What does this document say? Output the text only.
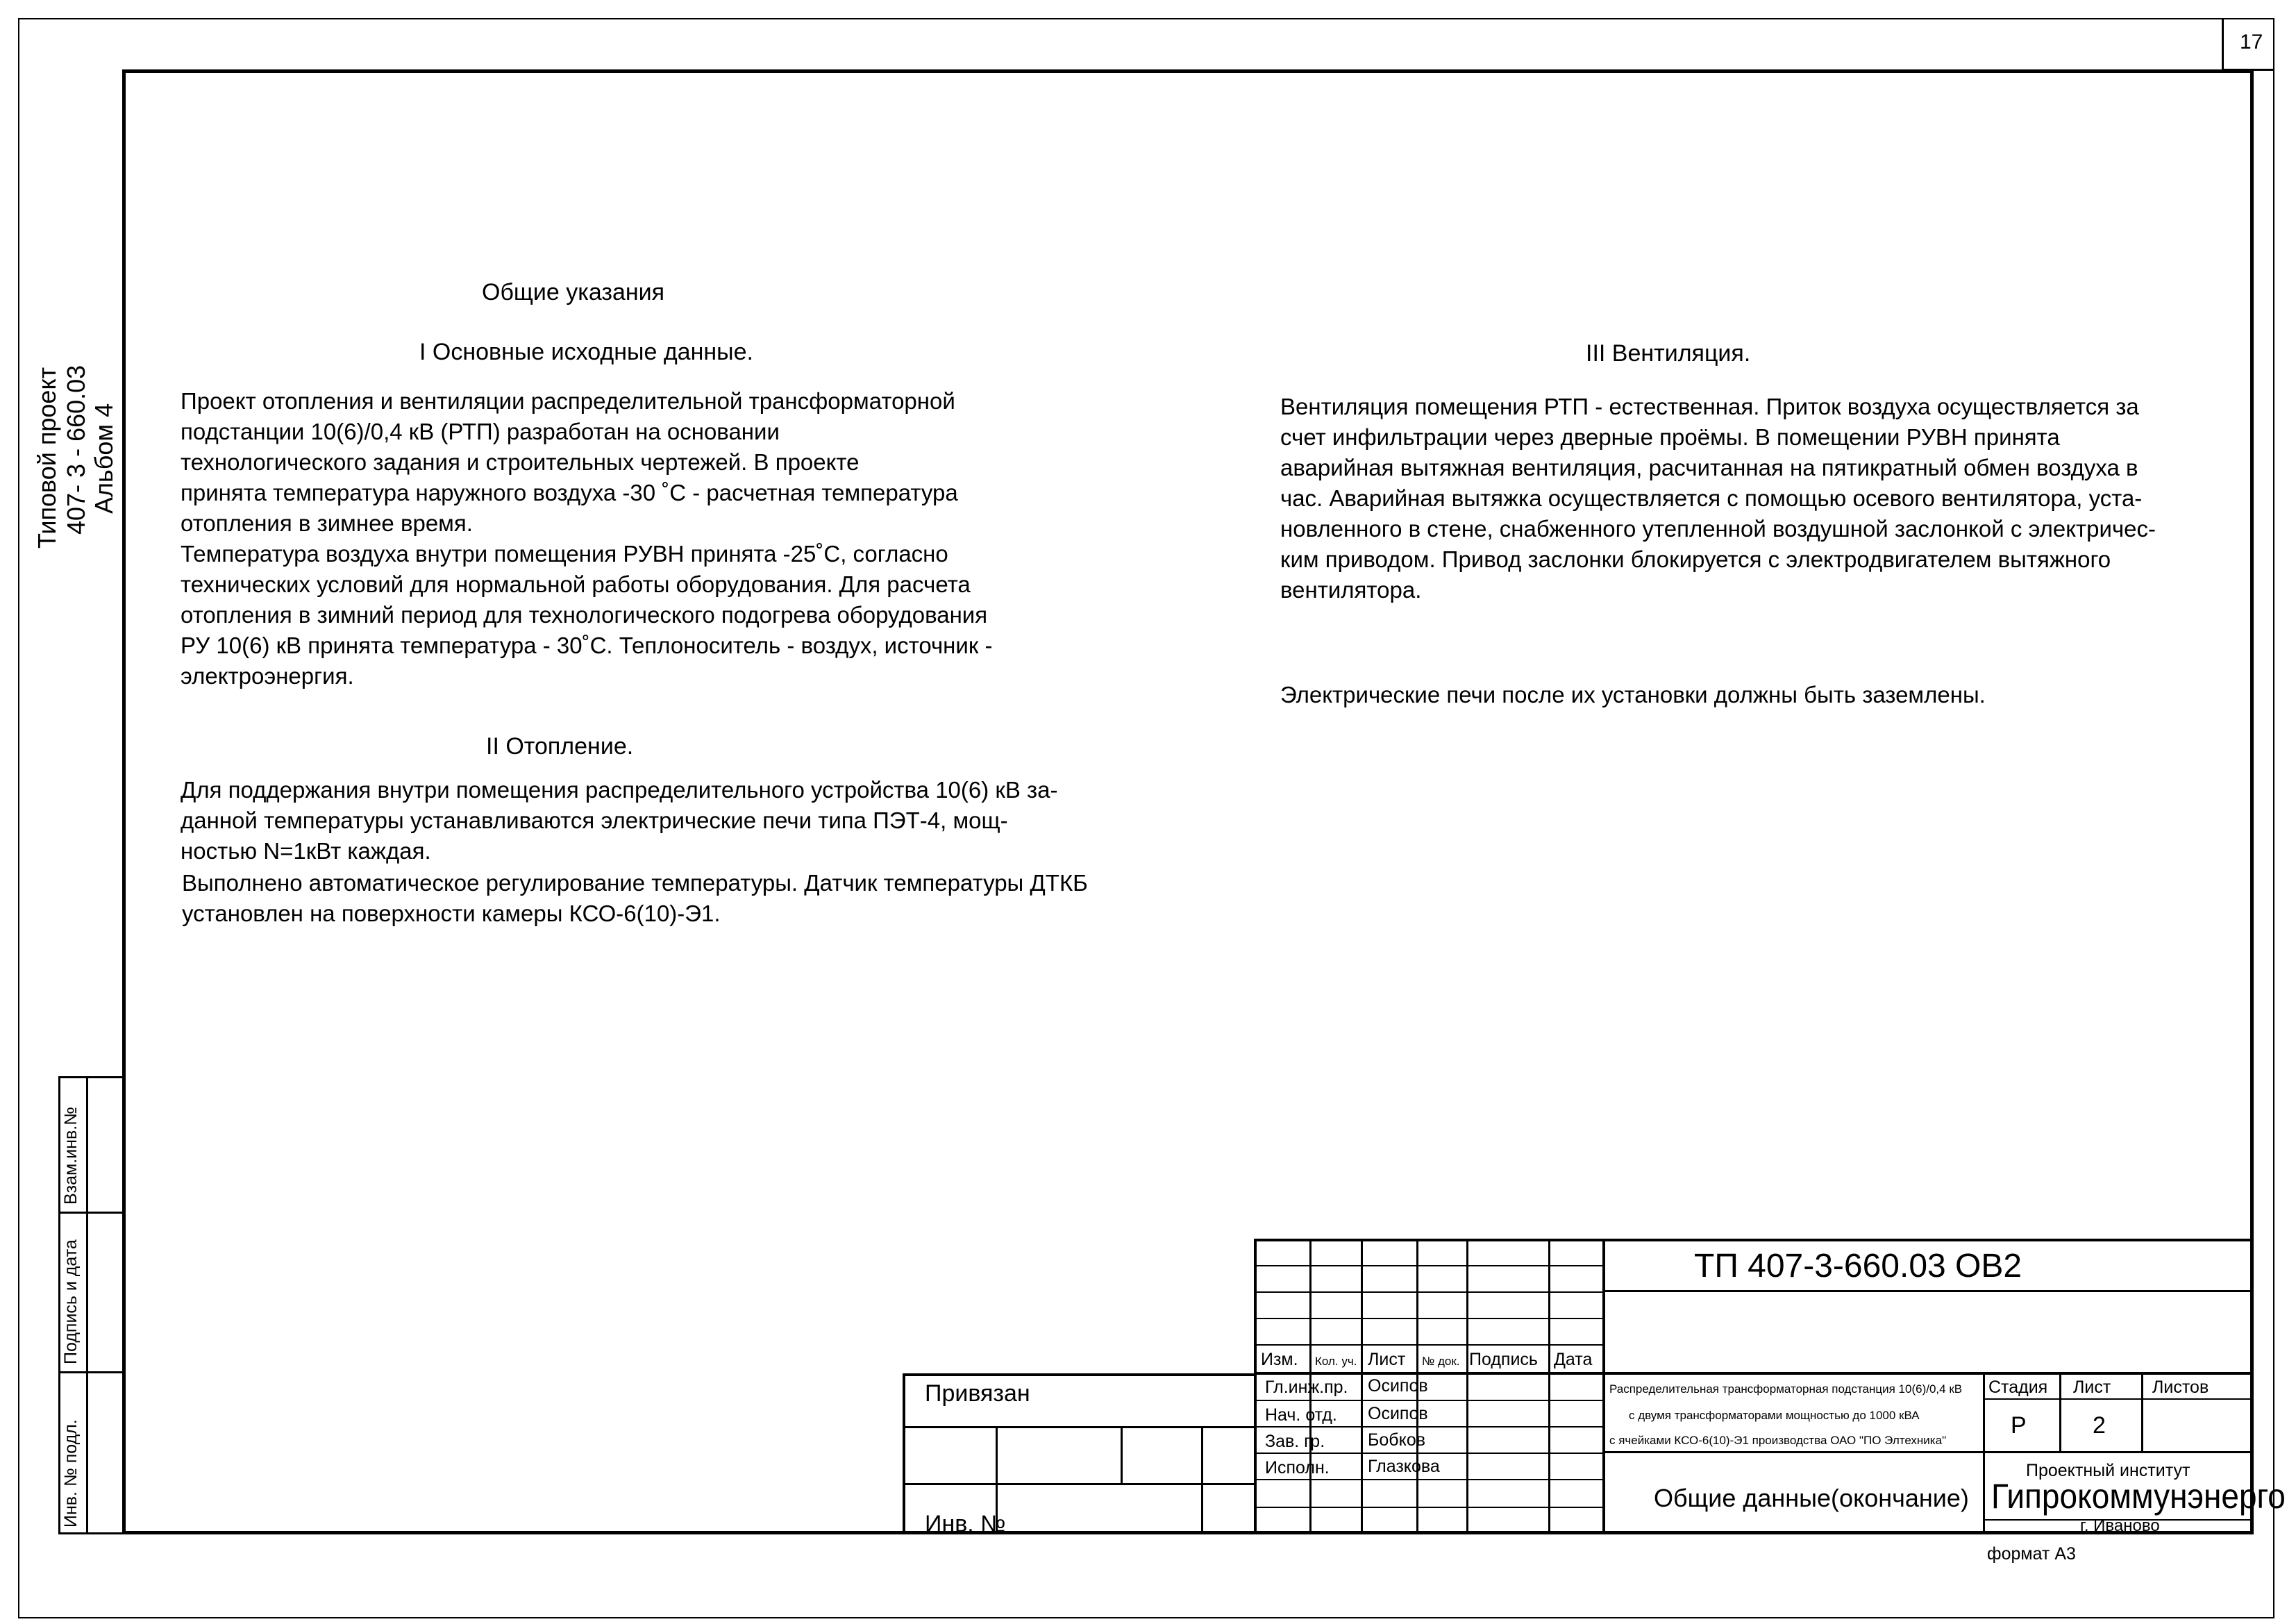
17
Типовой проект 407- 3 - 660.03 Альбом 4
Взам.инв.№
Подпись и дата
Инв. № подл.
Общие указания
I Основные исходные данные.
Проект отопления и вентиляции распределительной трансформаторной
подстанции 10(6)/0,4 кВ (РТП) разработан на основании
технологического задания и строительных чертежей. В проекте
принята температура наружного воздуха -30 ˚С - расчетная температура
отопления в зимнее время.
Температура воздуха внутри помещения РУВН принята -25˚С, согласно
технических условий для нормальной работы оборудования. Для расчета
отопления в зимний период для технологического подогрева оборудования
РУ 10(6) кВ принята температура - 30˚С. Теплоноситель - воздух, источник -
электроэнергия.
II Отопление.
Для поддержания внутри помещения распределительного устройства 10(6) кВ за-
данной температуры устанавливаются электрические печи типа ПЭТ-4, мощ-
ностью N=1кВт каждая.
Выполнено автоматическое регулирование температуры. Датчик температуры ДТКБ
установлен на поверхности камеры КСО-6(10)-Э1.
III Вентиляция.
Вентиляция помещения РТП - естественная. Приток воздуха осуществляется за
счет инфильтрации через дверные проёмы. В помещении РУВН принята
аварийная вытяжная вентиляция, расчитанная на пятикратный обмен воздуха в
час. Аварийная вытяжка осуществляется с помощью осевого вентилятора, уста-
новленного в стене, снабженного утепленной воздушной заслонкой с электричес-
ким приводом. Привод заслонки блокируется с электродвигателем вытяжного
вентилятора.
Электрические печи после их установки должны быть заземлены.
Привязан
Инв. №
Изм. Кол. уч. Лист № док. Подпись Дата
Гл.инж.пр.
Нач. отд.
Зав. гр.
Исполн.
Осипов
Осипов
Бобков
Глазкова
ТП 407-3-660.03 ОВ2
Распределительная трансформаторная подстанция 10(6)/0,4 кВ
с двумя трансформаторами мощностью до 1000 кВА
с ячейками КСО-6(10)-Э1 производства ОАО "ПО Элтехника"
Стадия Лист Листов
Р	2
Общие данные(окончание)
Проектный институт
Гипрокоммунэнерго
г. Иваново
формат А3
